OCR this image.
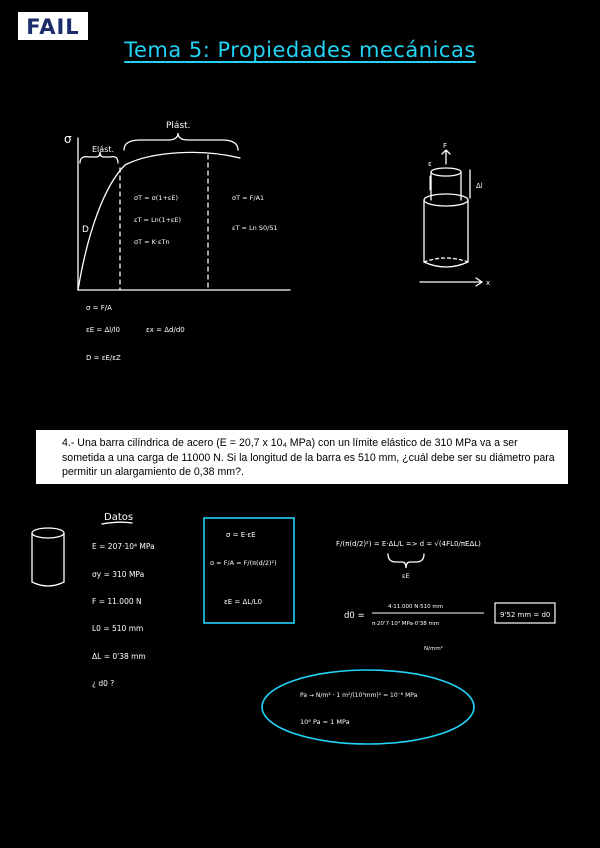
FAIL
Tema 5: Propiedades mecánicas
σ
Plást.
Elást.
D
σT = σ(1+εE)
εT = Ln(1+εE)
σT = K·εTn
σT = F/A1
εT = Ln S0/S1
σ = F/A
εE = Δl/l0	εx = Δd/d0
D = εE/εZ
F
ε
Δl
x
Datos
E = 207·10⁴ MPa
σy = 310 MPa
F = 11.000 N
L0 = 510 mm
ΔL = 0'38 mm
¿ d0 ?
σ = E·εE
σ = F/A = F/(π(d/2)²)
εE = ΔL/L0
F/(π(d/2)²) = E·ΔL/L => d = √(4FL0/πEΔL)
εE
d0 =
4·11.000 N·510 mm
π·20'7·10⁴ MPa·0'38 mm
N/mm²
9'52 mm = d0
Pa → N/m² · 1 m²/(10³mm)² = 10⁻⁶ MPa
10⁶ Pa = 1 MPa
4.- Una barra cilíndrica de acero (E = 20,7 x 10₄ MPa) con un límite elástico de 310 MPa va a ser sometida a una carga de 11000 N. Si la longitud de la barra es 510 mm, ¿cuál debe ser su diámetro para permitir un alargamiento de 0,38 mm?.
